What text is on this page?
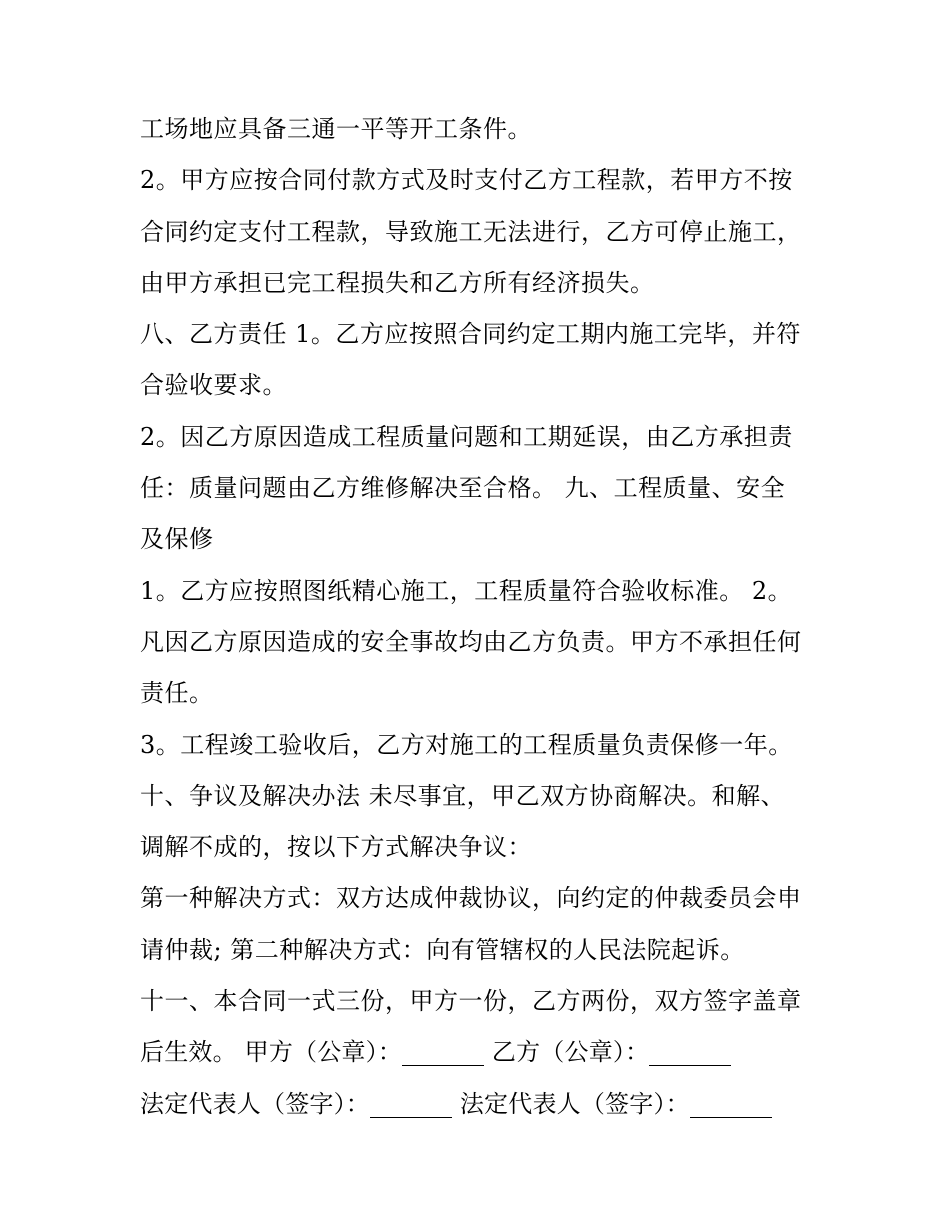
工场地应具备三通一平等开工条件。
2。甲方应按合同付款方式及时支付乙方工程款，若甲方不按
合同约定支付工程款，导致施工无法进行，乙方可停止施工，
由甲方承担已完工程损失和乙方所有经济损失。
八、乙方责任 1。乙方应按照合同约定工期内施工完毕，并符
合验收要求。
2。因乙方原因造成工程质量问题和工期延误，由乙方承担责
任：质量问题由乙方维修解决至合格。 九、工程质量、安全
及保修
1。乙方应按照图纸精心施工，工程质量符合验收标准。 2。
凡因乙方原因造成的安全事故均由乙方负责。甲方不承担任何
责任。
3。工程竣工验收后，乙方对施工的工程质量负责保修一年。
十、争议及解决办法 未尽事宜，甲乙双方协商解决。和解、
调解不成的，按以下方式解决争议：
第一种解决方式：双方达成仲裁协议，向约定的仲裁委员会申
请仲裁; 第二种解决方式：向有管辖权的人民法院起诉。
十一、本合同一式三份，甲方一份，乙方两份，双方签字盖章
后生效。 甲方（公章）：	乙方（公章）：
法定代表人（签字）：	法定代表人（签字）：
